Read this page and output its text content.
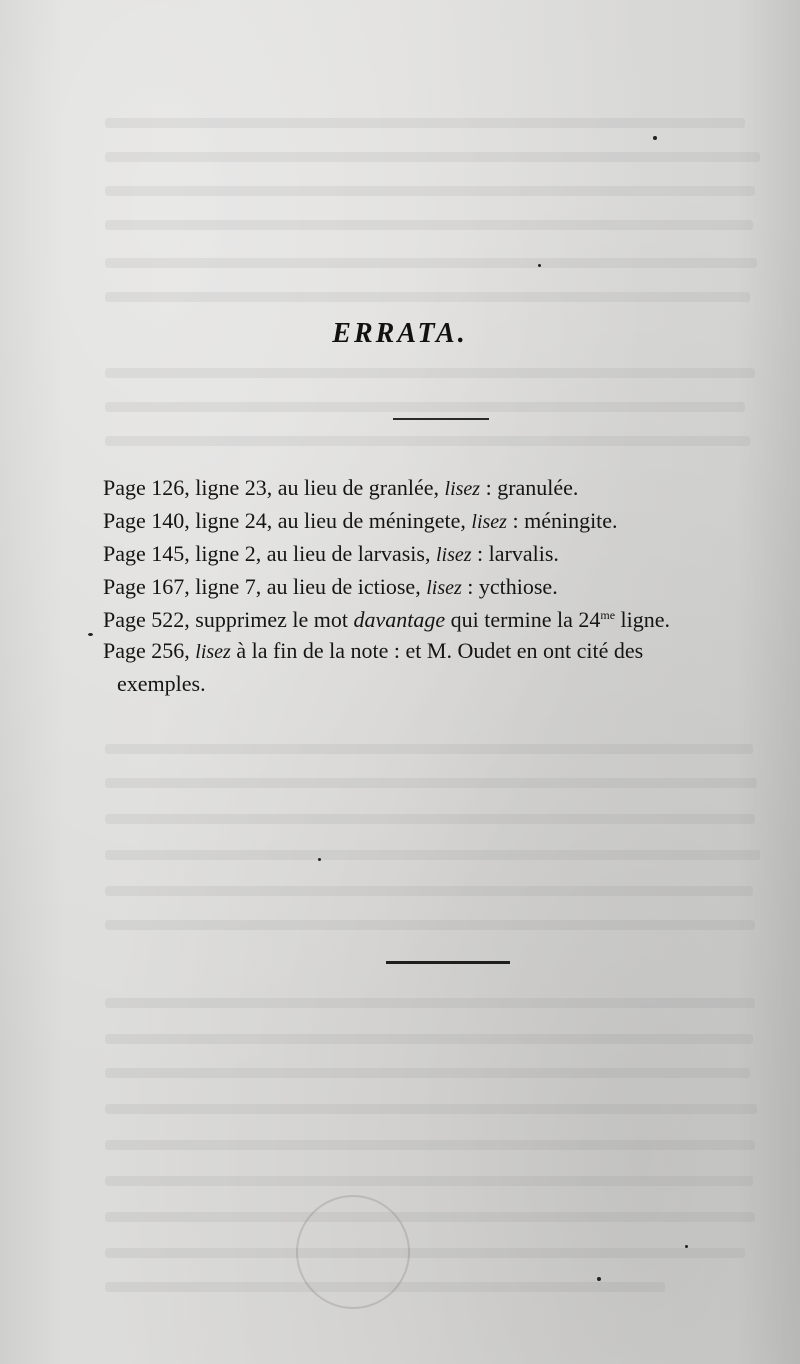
ERRATA.
Page 126, ligne 23, au lieu de granlée, lisez : granulée.
Page 140, ligne 24, au lieu de méningete, lisez : méningite.
Page 145, ligne 2, au lieu de larvasis, lisez : larvalis.
Page 167, ligne 7, au lieu de ictiose, lisez : ycthiose.
Page 522, supprimez le mot davantage qui termine la $24^{me}$ ligne.
Page 256, lisez à la fin de la note : et M. Oudet en ont cité des
exemples.
